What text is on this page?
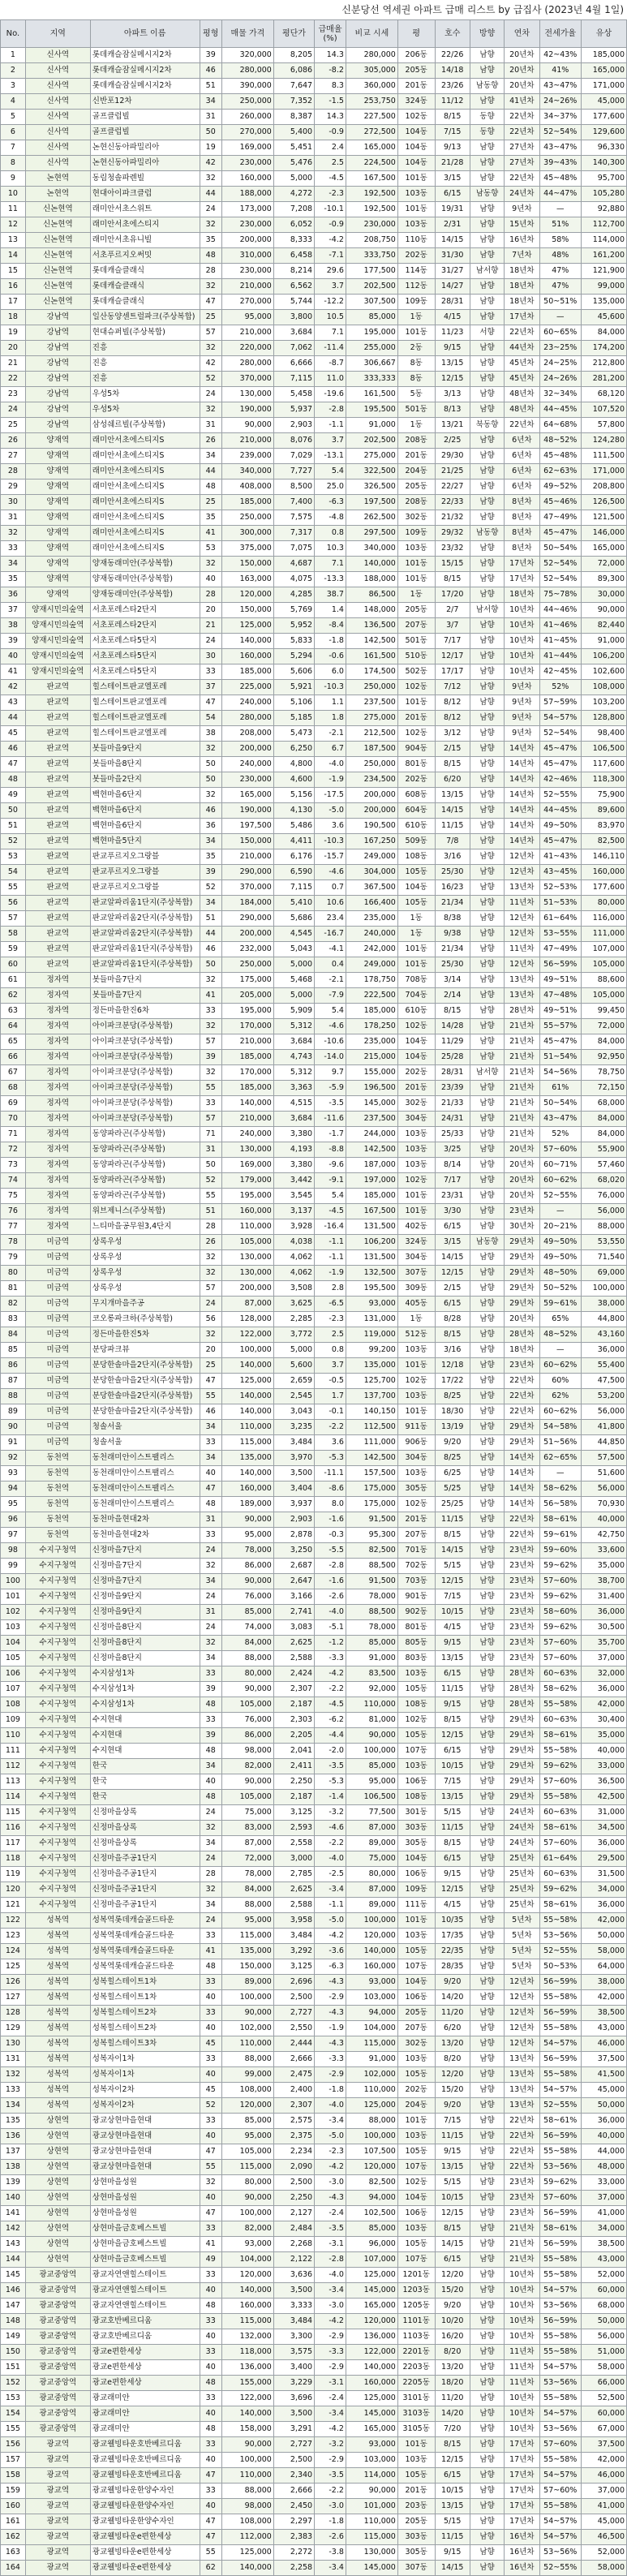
신분당선 역세권 아파트 급매 리스트 by 급집사 (2023년 4월 1일)
No.	지역	아파트 이름	평형	매물 가격	평단가	급매율(%)	비교 시세	평	호수	방향	연차	전세가율	유상
1	신사역	롯데캐슬잠실메시지2차	39	320,000	8,205	14.3	280,000	206동	22/26	남향	20년차	42~43%	185,000
2	신사역	롯데캐슬잠실메시지2차	46	280,000	6,086	-8.2	305,000	205동	14/18	남향	20년차	41%	165,000
3	신사역	롯데캐슬잠실메시지2차	51	390,000	7,647	8.3	360,000	201동	23/26	남동향	20년차	43~47%	171,000
4	신사역	신반포12차	34	250,000	7,352	-1.5	253,750	324동	11/12	남향	41년차	24~26%	45,000
5	신사역	골프클럽빌	31	260,000	8,387	14.3	227,500	102동	8/15	동향	22년차	34~37%	177,600
6	신사역	골프클럽빌	50	270,000	5,400	-0.9	272,500	104동	7/15	동향	22년차	52~54%	129,600
7	신사역	논현신동아파밀리아	19	169,000	5,451	2.4	165,000	104동	9/13	남향	27년차	43~47%	96,330
8	신사역	논현신동아파밀리아	42	230,000	5,476	2.5	224,500	104동	21/28	남향	27년차	39~43%	140,300
9	논현역	동림청솔파렌빌	32	160,000	5,000	-4.5	167,500	101동	3/15	남향	22년차	45~48%	95,700
10	논현역	현대아이파크클럽	44	188,000	4,272	-2.3	192,500	103동	6/15	남동향	24년차	44~47%	105,280
11	신논현역	래미안서초스위트	24	173,000	7,208	-10.1	192,500	101동	19/31	남향	9년차	—	92,880
12	신논현역	래미안서초에스티지	32	230,000	6,052	-0.9	230,000	103동	2/31	남향	15년차	51%	112,700
13	신논현역	래미안서초유니빌	35	200,000	8,333	-4.2	208,750	110동	14/15	남향	16년차	58%	114,000
14	신논현역	서초푸르지오써밋	48	310,000	6,458	-7.1	333,750	202동	31/30	남향	7년차	48%	161,200
15	신논현역	롯데캐슬클래식	28	230,000	8,214	29.6	177,500	114동	31/27	남서향	18년차	47%	121,900
16	신논현역	롯데캐슬클래식	32	210,000	6,562	3.7	202,500	112동	14/27	남향	18년차	47%	99,000
17	신논현역	롯데캐슬클래식	47	270,000	5,744	-12.2	307,500	109동	28/31	남향	18년차	50~51%	135,000
18	강남역	일산동양센트럴파크(주상복합)	25	95,000	3,800	10.5	85,000	1동	4/15	남향	17년차	—	45,600
19	강남역	현대슈퍼빌(주상복합)	57	210,000	3,684	7.1	195,000	101동	11/23	서향	22년차	60~65%	84,000
20	강남역	진흥	32	220,000	7,062	-11.4	255,000	2동	9/15	남향	44년차	23~25%	174,200
21	강남역	진흥	42	280,000	6,666	-8.7	306,667	8동	13/15	남향	45년차	24~25%	212,800
22	강남역	진흥	52	370,000	7,115	11.0	333,333	8동	12/15	남향	45년차	24~26%	281,200
23	강남역	우성5차	24	130,000	5,458	-19.6	161,500	5동	3/13	남향	48년차	32~34%	68,120
24	강남역	우성5차	32	190,000	5,937	-2.8	195,500	501동	8/13	남향	48년차	44~45%	107,520
25	강남역	삼성쉐르빌(주상복합)	31	90,000	2,903	-1.1	91,000	1동	13/21	북동향	22년차	64~68%	57,800
26	양재역	래미안서초에스티지S	26	210,000	8,076	3.7	202,500	208동	2/25	남향	6년차	48~52%	124,280
27	양재역	래미안서초에스티지S	34	239,000	7,029	-13.1	275,000	201동	29/30	남향	6년차	45~48%	111,500
28	양재역	래미안서초에스티지S	44	340,000	7,727	5.4	322,500	204동	21/25	남향	6년차	62~63%	171,000
29	양재역	래미안서초에스티지S	48	408,000	8,500	25.0	326,500	205동	22/27	남향	6년차	49~52%	208,800
30	양재역	래미안서초에스티지S	25	185,000	7,400	-6.3	197,500	208동	22/33	남향	8년차	45~46%	126,500
31	양재역	래미안서초에스티지S	35	250,000	7,575	-4.8	262,500	302동	21/32	남향	8년차	47~49%	121,500
32	양재역	래미안서초에스티지S	41	300,000	7,317	0.8	297,500	109동	29/32	남동향	8년차	45~47%	146,000
33	양재역	래미안서초에스티지S	53	375,000	7,075	10.3	340,000	103동	23/32	남향	8년차	50~54%	165,000
34	양재역	양재동래미안(주상복합)	32	150,000	4,687	7.1	140,000	101동	15/15	남향	17년차	52~54%	72,000
35	양재역	양재동래미안(주상복합)	40	163,000	4,075	-13.3	188,000	101동	8/15	남향	17년차	52~54%	89,300
36	양재역	양재동래미안(주상복합)	28	120,000	4,285	38.7	86,500	1동	17/20	남향	18년차	75~78%	30,000
37	양재시민의숲역	서초포레스타2단지	20	150,000	5,769	1.4	148,000	205동	2/7	남서향	10년차	44~46%	90,000
38	양재시민의숲역	서초포레스타2단지	21	125,000	5,952	-8.4	136,500	207동	3/7	남향	10년차	41~46%	82,440
39	양재시민의숲역	서초포레스타5단지	24	140,000	5,833	-1.8	142,500	501동	7/17	남향	10년차	41~45%	91,000
40	양재시민의숲역	서초포레스타5단지	30	160,000	5,294	-0.6	161,500	510동	12/17	남향	10년차	41~44%	106,200
41	양재시민의숲역	서초포레스타5단지	33	185,000	5,606	6.0	174,500	502동	17/17	남향	10년차	42~45%	102,600
42	판교역	힐스테이트판교엘포레	37	225,000	5,921	-10.3	250,000	102동	7/12	남향	9년차	52%	108,000
43	판교역	힐스테이트판교엘포레	47	240,000	5,106	1.1	237,500	101동	8/12	남향	9년차	57~59%	103,200
44	판교역	힐스테이트판교엘포레	54	280,000	5,185	1.8	275,000	201동	8/12	남향	9년차	54~57%	128,800
45	판교역	힐스테이트판교엘포레	38	208,000	5,473	-2.1	212,500	102동	3/12	남향	9년차	52~54%	98,400
46	판교역	봇들마을9단지	32	200,000	6,250	6.7	187,500	904동	2/15	남향	14년차	45~47%	106,500
47	판교역	봇들마을8단지	50	240,000	4,800	-4.0	250,000	801동	8/15	남향	14년차	45~47%	117,600
48	판교역	봇들마을2단지	50	230,000	4,600	-1.9	234,500	202동	6/20	남향	14년차	42~46%	118,300
49	판교역	백현마을6단지	32	165,000	5,156	-17.5	200,000	608동	13/15	남향	14년차	52~55%	75,900
50	판교역	백현마을6단지	46	190,000	4,130	-5.0	200,000	604동	14/15	남향	14년차	44~45%	89,600
51	판교역	백현마을6단지	36	197,500	5,486	3.6	190,500	610동	11/15	남향	14년차	49~50%	83,970
52	판교역	백현마을5단지	34	150,000	4,411	-10.3	167,250	509동	7/8	남향	14년차	45~47%	82,500
53	판교역	판교푸르지오그랑블	35	210,000	6,176	-15.7	249,000	108동	3/16	남향	12년차	41~43%	146,110
54	판교역	판교푸르지오그랑블	39	290,000	6,590	-4.6	304,000	105동	25/30	남향	12년차	43~45%	160,000
55	판교역	판교푸르지오그랑블	52	370,000	7,115	0.7	367,500	104동	16/23	남향	13년차	52~53%	177,600
56	판교역	판교알파리움1단지(주상복합)	34	184,000	5,410	10.6	166,400	105동	21/34	남향	11년차	51~53%	80,000
57	판교역	판교알파리움2단지(주상복합)	51	290,000	5,686	23.4	235,000	1동	8/38	남향	12년차	61~64%	116,000
58	판교역	판교알파리움2단지(주상복합)	44	200,000	4,545	-16.7	240,000	1동	9/38	남향	12년차	53~55%	111,000
59	판교역	판교알파리움1단지(주상복합)	46	232,000	5,043	-4.1	242,000	101동	21/34	남향	11년차	47~49%	107,000
60	판교역	판교알파리움1단지(주상복합)	50	250,000	5,000	0.4	249,000	101동	25/30	남향	12년차	56~59%	105,000
61	정자역	봇들마을7단지	32	175,000	5,468	-2.1	178,750	708동	3/14	남향	13년차	49~51%	88,600
62	정자역	봇들마을7단지	41	205,000	5,000	-7.9	222,500	704동	2/14	남향	13년차	47~48%	105,000
63	정자역	정든마을한진6차	33	195,000	5,909	5.4	185,000	610동	8/15	남향	28년차	49~51%	99,450
64	정자역	아이파크분당(주상복합)	32	170,000	5,312	-4.6	178,250	102동	14/28	남향	21년차	55~57%	72,000
65	정자역	아이파크분당(주상복합)	57	210,000	3,684	-10.6	235,000	104동	11/29	남향	21년차	45~47%	84,000
66	정자역	아이파크분당(주상복합)	39	185,000	4,743	-14.0	215,000	104동	25/28	남향	21년차	51~54%	92,950
67	정자역	아이파크분당(주상복합)	32	170,000	5,312	9.7	155,000	202동	28/31	남서향	21년차	54~56%	78,750
68	정자역	아이파크분당(주상복합)	55	185,000	3,363	-5.9	196,500	201동	23/39	남향	21년차	61%	72,150
69	정자역	아이파크분당(주상복합)	33	140,000	4,515	-3.5	145,000	302동	21/33	남향	21년차	50~54%	68,000
70	정자역	아이파크분당(주상복합)	57	210,000	3,684	-11.6	237,500	304동	24/31	남향	21년차	43~47%	84,000
71	정자역	동양파라곤(주상복합)	71	240,000	3,380	-1.7	244,000	103동	25/33	남향	21년차	52%	84,000
72	정자역	동양파라곤(주상복합)	31	130,000	4,193	-8.8	142,500	103동	3/25	남향	20년차	57~60%	55,900
73	정자역	동양파라곤(주상복합)	50	169,000	3,380	-9.6	187,000	103동	8/14	남향	20년차	60~71%	57,460
74	정자역	동양파라곤(주상복합)	52	179,000	3,442	-9.1	197,000	102동	7/17	남향	20년차	60~62%	68,020
75	정자역	동양파라곤(주상복합)	55	195,000	3,545	5.4	185,000	101동	23/31	남향	20년차	52~55%	76,000
76	정자역	위브제니스(주상복합)	51	160,000	3,137	-4.5	167,500	101동	3/30	남향	23년차	—	56,000
77	정자역	느티마을공무원3,4단지	28	110,000	3,928	-16.4	131,500	402동	6/15	남향	30년차	20~21%	88,000
78	미금역	상록우성	26	105,000	4,038	-1.1	106,200	324동	3/15	남동향	29년차	49~50%	53,550
79	미금역	상록우성	32	130,000	4,062	-1.1	131,500	304동	14/15	남향	29년차	49~50%	71,540
80	미금역	상록우성	32	130,000	4,062	-1.9	132,500	307동	12/15	남향	29년차	48~50%	69,000
81	미금역	상록우성	57	200,000	3,508	2.8	195,500	309동	2/15	남향	29년차	50~52%	100,000
82	미금역	무지개마을주공	24	87,000	3,625	-6.5	93,000	405동	6/15	남향	29년차	59~61%	38,000
83	미금역	코오롱파크하(주상복합)	56	128,000	2,285	-2.3	131,000	1동	8/28	남향	20년차	65%	44,800
84	미금역	정든마을한진5차	32	122,000	3,772	2.5	119,000	512동	8/15	남향	28년차	48~52%	43,160
85	미금역	분당파크뷰	20	100,000	5,000	0.8	99,200	103동	3/16	남향	18년차	—	36,000
86	미금역	분당한솔마을2단지(주상복합)	25	140,000	5,600	3.7	135,000	101동	12/18	남향	23년차	60~62%	55,400
87	미금역	분당한솔마을2단지(주상복합)	47	125,000	2,659	-0.5	125,700	102동	17/22	남향	22년차	60%	47,500
88	미금역	분당한솔마을2단지(주상복합)	55	140,000	2,545	1.7	137,700	103동	8/25	남향	22년차	62%	53,200
89	미금역	분당한솔마을2단지(주상복합)	46	140,000	3,043	-0.1	140,150	101동	18/30	남향	22년차	60~62%	56,000
90	미금역	청솔서울	34	110,000	3,235	-2.2	112,500	911동	13/19	남향	29년차	54~58%	41,800
91	미금역	청솔서울	33	115,000	3,484	3.6	111,000	906동	9/20	남향	29년차	51~56%	44,850
92	동천역	동천래미안이스트팰리스	34	135,000	3,970	-5.3	142,500	304동	8/25	남향	14년차	62~65%	57,500
93	동천역	동천래미안이스트팰리스	40	140,000	3,500	-11.1	157,500	103동	6/25	남향	14년차	—	51,600
94	동천역	동천래미안이스트팰리스	47	160,000	3,404	-8.6	175,000	305동	5/25	남향	14년차	58~62%	56,000
95	동천역	동천래미안이스트팰리스	48	189,000	3,937	8.0	175,000	102동	25/25	남향	14년차	56~58%	70,930
96	동천역	동천마을현대2차	31	90,000	2,903	-1.6	91,500	201동	11/15	남향	22년차	58~61%	40,000
97	동천역	동천마을현대2차	33	95,000	2,878	-0.3	95,300	207동	8/15	남향	22년차	59~61%	42,750
98	수지구청역	신정마을7단지	24	78,000	3,250	-5.5	82,500	701동	14/15	남향	23년차	59~60%	33,600
99	수지구청역	신정마을7단지	32	86,000	2,687	-2.8	88,500	702동	5/15	남향	23년차	59~62%	35,000
100	수지구청역	신정마을7단지	34	90,000	2,647	-1.6	91,500	703동	12/15	남향	23년차	57~60%	38,700
101	수지구청역	신정마을9단지	24	76,000	3,166	-2.6	78,000	901동	7/15	남향	23년차	59~62%	31,400
102	수지구청역	신정마을9단지	31	85,000	2,741	-4.0	88,500	902동	10/15	남향	23년차	58~60%	36,000
103	수지구청역	신정마을8단지	24	74,000	3,083	-5.1	78,000	801동	4/15	남향	23년차	59~62%	30,500
104	수지구청역	신정마을8단지	32	84,000	2,625	-1.2	85,000	805동	9/15	남향	23년차	57~60%	35,700
105	수지구청역	신정마을8단지	34	88,000	2,588	-3.3	91,000	803동	13/15	남향	23년차	57~60%	37,000
106	수지구청역	수지삼성1차	33	80,000	2,424	-4.2	83,500	103동	6/15	남향	28년차	60~63%	32,000
107	수지구청역	수지삼성1차	39	90,000	2,307	-2.2	92,000	105동	11/15	남향	28년차	58~62%	36,000
108	수지구청역	수지삼성1차	48	105,000	2,187	-4.5	110,000	108동	9/15	남향	28년차	55~58%	42,000
109	수지구청역	수지현대	33	76,000	2,303	-6.2	81,000	102동	8/15	남향	29년차	60~63%	30,400
110	수지구청역	수지현대	39	86,000	2,205	-4.4	90,000	105동	12/15	남향	29년차	58~61%	35,000
111	수지구청역	수지현대	48	98,000	2,041	-2.0	100,000	107동	6/15	남향	29년차	55~58%	40,000
112	수지구청역	한국	34	82,000	2,411	-3.5	85,000	103동	10/15	남향	29년차	59~62%	33,000
113	수지구청역	한국	40	90,000	2,250	-5.3	95,000	106동	7/15	남향	29년차	57~60%	36,500
114	수지구청역	한국	48	105,000	2,187	-1.4	106,500	108동	13/15	남향	29년차	55~58%	42,500
115	수지구청역	신정마을상록	24	75,000	3,125	-3.2	77,500	301동	5/15	남향	24년차	60~63%	31,000
116	수지구청역	신정마을상록	32	83,000	2,593	-4.6	87,000	303동	11/15	남향	24년차	58~61%	34,500
117	수지구청역	신정마을상록	34	87,000	2,558	-2.2	89,000	305동	8/15	남향	24년차	57~60%	36,000
118	수지구청역	신정마을주공1단지	24	72,000	3,000	-4.0	75,000	104동	6/15	남향	25년차	61~64%	29,500
119	수지구청역	신정마을주공1단지	28	78,000	2,785	-2.5	80,000	106동	9/15	남향	25년차	60~63%	31,500
120	수지구청역	신정마을주공1단지	32	84,000	2,625	-3.4	87,000	109동	12/15	남향	25년차	59~62%	34,000
121	수지구청역	신정마을주공1단지	34	88,000	2,588	-1.1	89,000	111동	4/15	남향	25년차	58~61%	36,000
122	성복역	성복역롯데캐슬골드타운	24	95,000	3,958	-5.0	100,000	101동	10/35	남향	5년차	55~58%	42,000
123	성복역	성복역롯데캐슬골드타운	33	115,000	3,484	-4.2	120,000	103동	17/35	남향	5년차	53~56%	50,000
124	성복역	성복역롯데캐슬골드타운	41	135,000	3,292	-3.6	140,000	105동	22/35	남향	5년차	52~55%	58,000
125	성복역	성복역롯데캐슬골드타운	48	150,000	3,125	-6.3	160,000	107동	28/35	남향	5년차	50~53%	64,000
126	성복역	성복힐스테이트1차	33	89,000	2,696	-4.3	93,000	104동	9/20	남향	12년차	56~59%	38,000
127	성복역	성복힐스테이트1차	40	100,000	2,500	-2.9	103,000	106동	14/20	남향	12년차	55~58%	42,000
128	성복역	성복힐스테이트2차	33	90,000	2,727	-4.3	94,000	205동	11/20	남향	12년차	56~59%	38,500
129	성복역	성복힐스테이트2차	40	102,000	2,550	-1.9	104,000	207동	6/20	남향	12년차	55~58%	43,000
130	성복역	성복힐스테이트3차	45	110,000	2,444	-4.3	115,000	302동	13/20	남향	12년차	54~57%	46,000
131	성복역	성복자이1차	33	88,000	2,666	-3.3	91,000	103동	8/20	남향	13년차	56~59%	37,500
132	성복역	성복자이1차	40	99,000	2,475	-2.9	102,000	105동	12/20	남향	13년차	55~58%	41,500
133	성복역	성복자이2차	45	108,000	2,400	-1.8	110,000	202동	15/20	남향	13년차	54~57%	45,000
134	성복역	성복자이2차	52	120,000	2,307	-4.0	125,000	204동	9/20	남향	13년차	52~55%	50,000
135	상현역	광교상현마을현대	33	85,000	2,575	-3.4	88,000	101동	7/15	남향	22년차	58~61%	36,000
136	상현역	광교상현마을현대	40	95,000	2,375	-5.0	100,000	103동	11/15	남향	22년차	56~59%	40,000
137	상현역	광교상현마을현대	47	105,000	2,234	-2.3	107,500	105동	9/15	남향	22년차	55~58%	44,000
138	상현역	광교상현마을현대	55	115,000	2,090	-4.2	120,000	107동	13/15	남향	22년차	53~56%	48,000
139	상현역	상현마을성원	32	80,000	2,500	-3.0	82,500	102동	5/15	남향	23년차	59~62%	33,000
140	상현역	상현마을성원	40	90,000	2,250	-4.3	94,000	104동	10/15	남향	23년차	57~60%	37,000
141	상현역	상현마을성원	47	100,000	2,127	-2.4	102,500	106동	12/15	남향	23년차	56~59%	41,000
142	상현역	상현마을금호베스트빌	33	82,000	2,484	-3.5	85,000	103동	8/15	남향	21년차	58~61%	34,000
143	상현역	상현마을금호베스트빌	41	93,000	2,268	-3.1	96,000	105동	14/15	남향	21년차	56~59%	38,500
144	상현역	상현마을금호베스트빌	49	104,000	2,122	-2.8	107,000	107동	6/15	남향	21년차	55~58%	43,000
145	광교중앙역	광교자연앤힐스테이트	33	120,000	3,636	-4.0	125,000	1201동	12/20	남향	10년차	55~58%	52,000
146	광교중앙역	광교자연앤힐스테이트	40	140,000	3,500	-3.4	145,000	1203동	15/20	남향	10년차	54~57%	60,000
147	광교중앙역	광교자연앤힐스테이트	48	160,000	3,333	-3.0	165,000	1205동	9/20	남향	10년차	53~56%	68,000
148	광교중앙역	광교호반베르디움	33	115,000	3,484	-4.2	120,000	1101동	10/20	남향	10년차	56~59%	50,000
149	광교중앙역	광교호반베르디움	40	132,000	3,300	-2.9	136,000	1103동	16/20	남향	10년차	55~58%	56,000
150	광교중앙역	광교e편한세상	33	118,000	3,575	-3.3	122,000	2201동	8/20	남향	11년차	55~58%	51,000
151	광교중앙역	광교e편한세상	40	136,000	3,400	-2.9	140,000	2203동	13/20	남향	11년차	54~57%	58,000
152	광교중앙역	광교e편한세상	48	155,000	3,229	-3.1	160,000	2205동	18/20	남향	11년차	53~56%	66,000
153	광교중앙역	광교래미안	33	122,000	3,696	-2.4	125,000	3101동	11/20	남향	10년차	55~58%	52,500
154	광교중앙역	광교래미안	40	140,000	3,500	-3.4	145,000	3103동	14/20	남향	10년차	54~57%	60,000
155	광교중앙역	광교래미안	48	158,000	3,291	-4.2	165,000	3105동	7/20	남향	10년차	53~56%	67,000
156	광교역	광교웰빙타운호반베르디움	33	90,000	2,727	-3.2	93,000	101동	8/15	남향	17년차	57~60%	37,500
157	광교역	광교웰빙타운호반베르디움	40	100,000	2,500	-2.9	103,000	103동	12/15	남향	17년차	55~58%	42,000
158	광교역	광교웰빙타운호반베르디움	47	110,000	2,340	-3.5	114,000	105동	6/15	남향	17년차	54~57%	46,000
159	광교역	광교웰빙타운한양수자인	33	88,000	2,666	-2.2	90,000	201동	10/15	남향	17년차	57~60%	37,000
160	광교역	광교웰빙타운한양수자인	40	98,000	2,450	-3.0	101,000	203동	13/15	남향	17년차	55~58%	41,000
161	광교역	광교웰빙타운한양수자인	47	108,000	2,297	-1.8	110,000	205동	5/15	남향	17년차	54~57%	45,000
162	광교역	광교웰빙타운e편한세상	47	112,000	2,383	-2.6	115,000	303동	11/15	남향	16년차	54~57%	46,500
163	광교역	광교웰빙타운e편한세상	55	125,000	2,272	-3.8	130,000	305동	9/15	남향	16년차	53~56%	52,000
164	광교역	광교웰빙타운e편한세상	62	140,000	2,258	-3.4	145,000	307동	14/15	남향	16년차	52~55%	58,000
